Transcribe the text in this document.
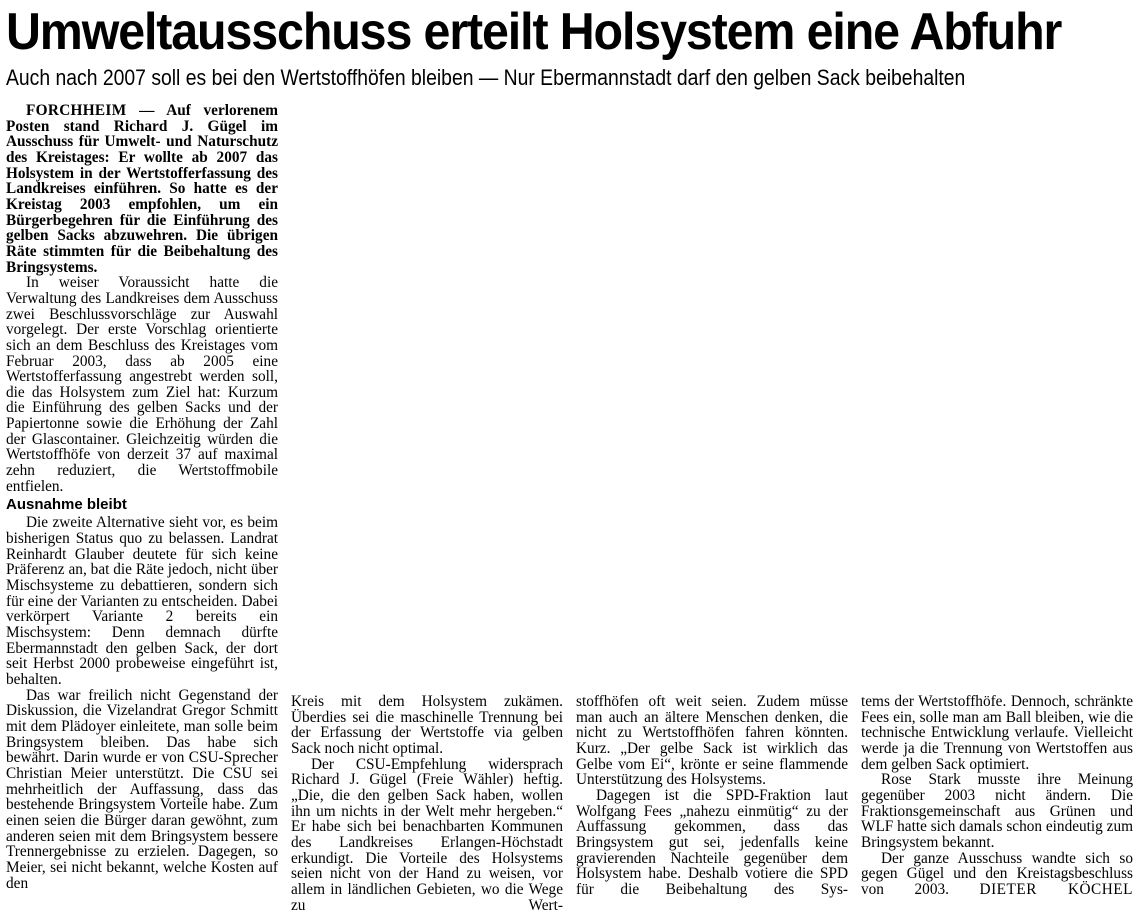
Umweltausschuss erteilt Holsystem eine Abfuhr
Auch nach 2007 soll es bei den Wertstoffhöfen bleiben — Nur Ebermannstadt darf den gelben Sack beibehalten

FORCHHEIM — Auf verlorenem Posten stand Richard J. Gügel im Ausschuss für Umwelt- und Naturschutz des Kreistages: Er wollte ab 2007 das Holsystem in der Wertstofferfassung des Landkreises einführen. So hatte es der Kreistag 2003 empfohlen, um ein Bürgerbegehren für die Einführung des gelben Sacks abzuwehren. Die übrigen Räte stimmten für die Beibehaltung des Bringsystems.

In weiser Voraussicht hatte die Verwaltung des Landkreises dem Ausschuss zwei Beschlussvorschläge zur Auswahl vorgelegt. Der erste Vorschlag orientierte sich an dem Beschluss des Kreistages vom Februar 2003, dass ab 2005 eine Wertstofferfassung angestrebt werden soll, die das Holsystem zum Ziel hat: Kurzum die Einführung des gelben Sacks und der Papiertonne sowie die Erhöhung der Zahl der Glascontainer. Gleichzeitig würden die Wertstoffhöfe von derzeit 37 auf maximal zehn reduziert, die Wertstoffmobile entfielen.

Ausnahme bleibt

Die zweite Alternative sieht vor, es beim bisherigen Status quo zu belassen. Landrat Reinhardt Glauber deutete für sich keine Präferenz an, bat die Räte jedoch, nicht über Mischsysteme zu debattieren, sondern sich für eine der Varianten zu entscheiden. Dabei verkörpert Variante 2 bereits ein Mischsystem: Denn demnach dürfte Ebermannstadt den gelben Sack, der dort seit Herbst 2000 probeweise eingeführt ist, behalten.

Das war freilich nicht Gegenstand der Diskussion, die Vizelandrat Gregor Schmitt mit dem Plädoyer einleitete, man solle beim Bringsystem bleiben. Das habe sich bewährt. Darin wurde er von CSU-Sprecher Christian Meier unterstützt. Die CSU sei mehrheitlich der Auffassung, dass das bestehende Bringsystem Vorteile habe. Zum einen seien die Bürger daran gewöhnt, zum anderen seien mit dem Bringsystem bessere Trennergebnisse zu erzielen. Dagegen, so Meier, sei nicht bekannt, welche Kosten auf den

Kreis mit dem Holsystem zukämen. Überdies sei die maschinelle Trennung bei der Erfassung der Wertstoffe via gelben Sack noch nicht optimal.

Der CSU-Empfehlung widersprach Richard J. Gügel (Freie Wähler) heftig. „Die, die den gelben Sack haben, wollen ihn um nichts in der Welt mehr hergeben.“ Er habe sich bei benachbarten Kommunen des Landkreises Erlangen-Höchstadt erkundigt. Die Vorteile des Holsystems seien nicht von der Hand zu weisen, vor allem in ländlichen Gebieten, wo die Wege zu Wert-

stoffhöfen oft weit seien. Zudem müsse man auch an ältere Menschen denken, die nicht zu Wertstoffhöfen fahren könnten. Kurz. „Der gelbe Sack ist wirklich das Gelbe vom Ei“, krönte er seine flammende Unterstützung des Holsystems.

Dagegen ist die SPD-Fraktion laut Wolfgang Fees „nahezu einmütig“ zu der Auffassung gekommen, dass das Bringsystem gut sei, jedenfalls keine gravierenden Nachteile gegenüber dem Holsystem habe. Deshalb votiere die SPD für die Beibehaltung des Sys-

tems der Wertstoffhöfe. Dennoch, schränkte Fees ein, solle man am Ball bleiben, wie die technische Entwicklung verlaufe. Vielleicht werde ja die Trennung von Wertstoffen aus dem gelben Sack optimiert.

Rose Stark musste ihre Meinung gegenüber 2003 nicht ändern. Die Fraktionsgemeinschaft aus Grünen und WLF hatte sich damals schon eindeutig zum Bringsystem bekannt.

Der ganze Ausschuss wandte sich so gegen Gügel und den Kreistagsbeschluss von 2003. DIETER KÖCHEL
